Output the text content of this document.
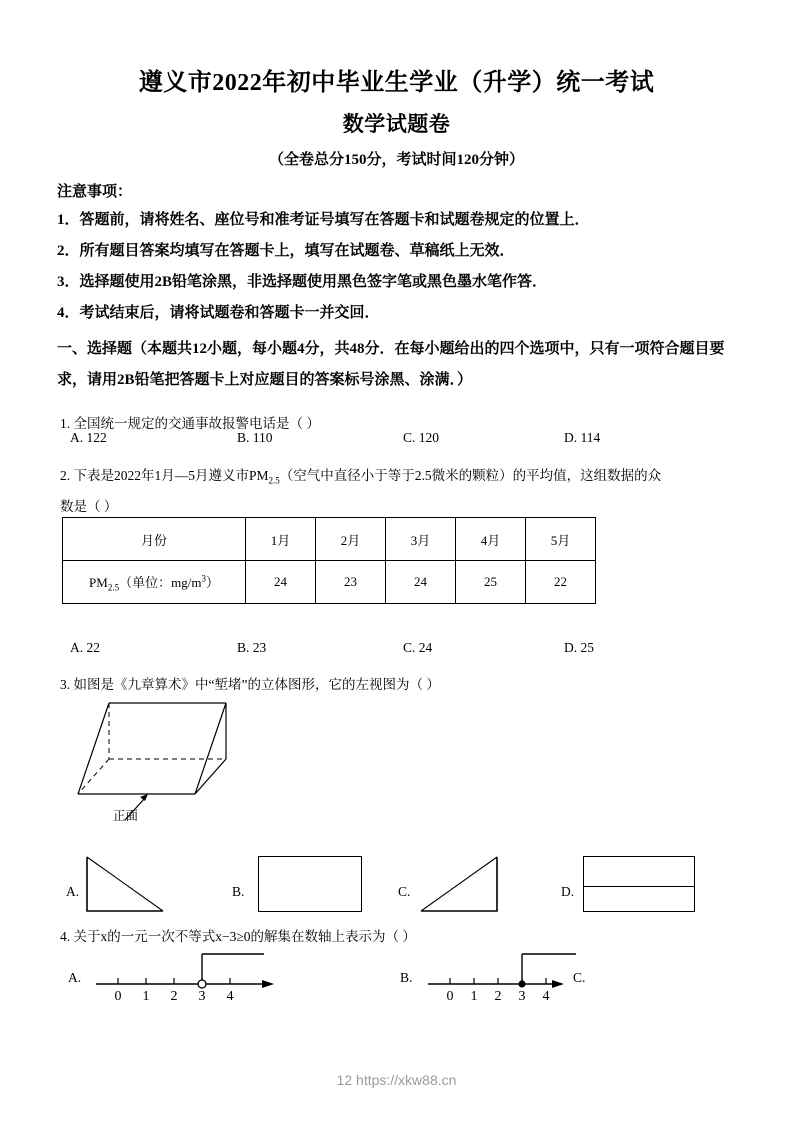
遵义市2022年初中毕业生学业（升学）统一考试
数学试题卷
（全卷总分150分，考试时间120分钟）
注意事项：
1．答题前，请将姓名、座位号和准考证号填写在答题卡和试题卷规定的位置上．
2．所有题目答案均填写在答题卡上，填写在试题卷、草稿纸上无效．
3．选择题使用2B铅笔涂黑，非选择题使用黑色签字笔或黑色墨水笔作答．
4．考试结束后，请将试题卷和答题卡一并交回．
一、选择题（本题共12小题，每小题4分，共48分．在每小题给出的四个选项中，只有一项符合题目要求，请用2B铅笔把答题卡上对应题目的答案标号涂黑、涂满．）
1. 全国统一规定的交通事故报警电话是（ ）
A. 122	B. 110	C. 120	D. 114
2. 下表是2022年1月—5月遵义市$PM_{2.5}$（空气中直径小于等于2.5微米的颗粒）的平均值，这组数据的众
数是（ ）
月份	1月	2月	3月	4月	5月
$PM_{2.5}$（单位：$mg/m^3$）	24	23	24	25	22
A. 22	B. 23	C. 24	D. 25
3. 如图是《九章算术》中“堑堵”的立体图形，它的左视图为（ ）
正面
A.	B.	C.	D.
4. 关于x的一元一次不等式x−3≥0的解集在数轴上表示为（ ）
A.
0 1 2 3 4
B.
0 1 2 3 4
C.
12 https://xkw88.cn
